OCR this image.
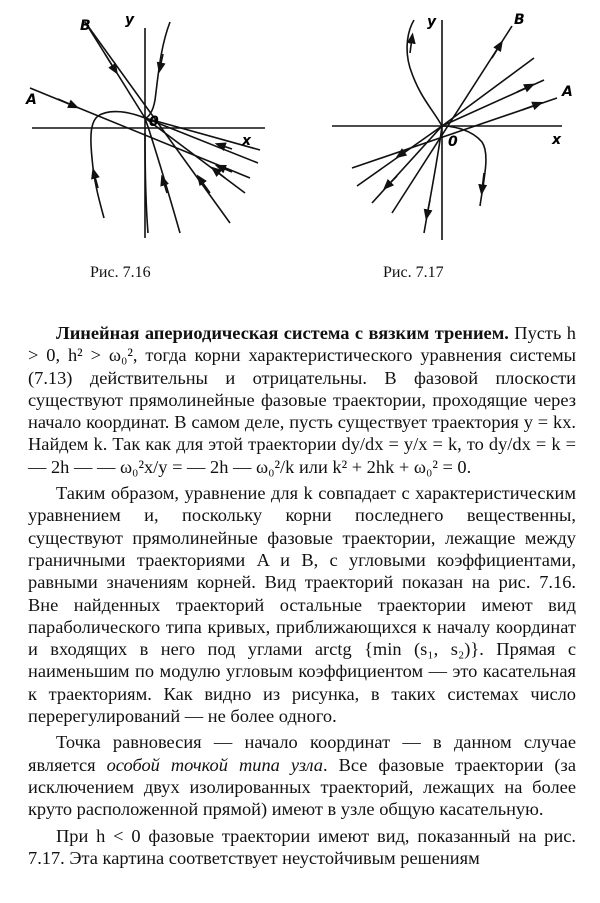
y
x
0
A
B	y
x
0
A
B
Рис. 7.16	Рис. 7.17

Линейная апериодическая система с вязким трением. Пусть h > 0, h² > ω₀², тогда корни характеристического уравнения системы (7.13) действительны и отрицательны. В фазовой плоскости существуют прямолинейные фазовые траектории, проходящие через начало координат. В самом деле, пусть существует траектория y = kx. Найдем k. Так как для этой траектории dy/dx = y/x = k, то dy/dx = k = — 2h — — ω₀²x/y = — 2h — ω₀²/k или k² + 2hk + ω₀² = 0.

Таким образом, уравнение для k совпадает с характеристическим уравнением и, поскольку корни последнего вещественны, существуют прямолинейные фазовые траектории, лежащие между граничными траекториями A и B, с угловыми коэффициентами, равными значениям корней. Вид траекторий показан на рис. 7.16. Вне найденных траекторий остальные траектории имеют вид параболического типа кривых, приближающихся к началу координат и входящих в него под углами arctg {min (s₁, s₂)}. Прямая с наименьшим по модулю угловым коэффициентом — это касательная к траекториям. Как видно из рисунка, в таких системах число перерегулирований — не более одного.

Точка равновесия — начало координат — в данном случае является особой точкой типа узла. Все фазовые траектории (за исключением двух изолированных траекторий, лежащих на более круто расположенной прямой) имеют в узле общую касательную.

При h < 0 фазовые траектории имеют вид, показанный на рис. 7.17. Эта картина соответствует неустойчивым решениям
